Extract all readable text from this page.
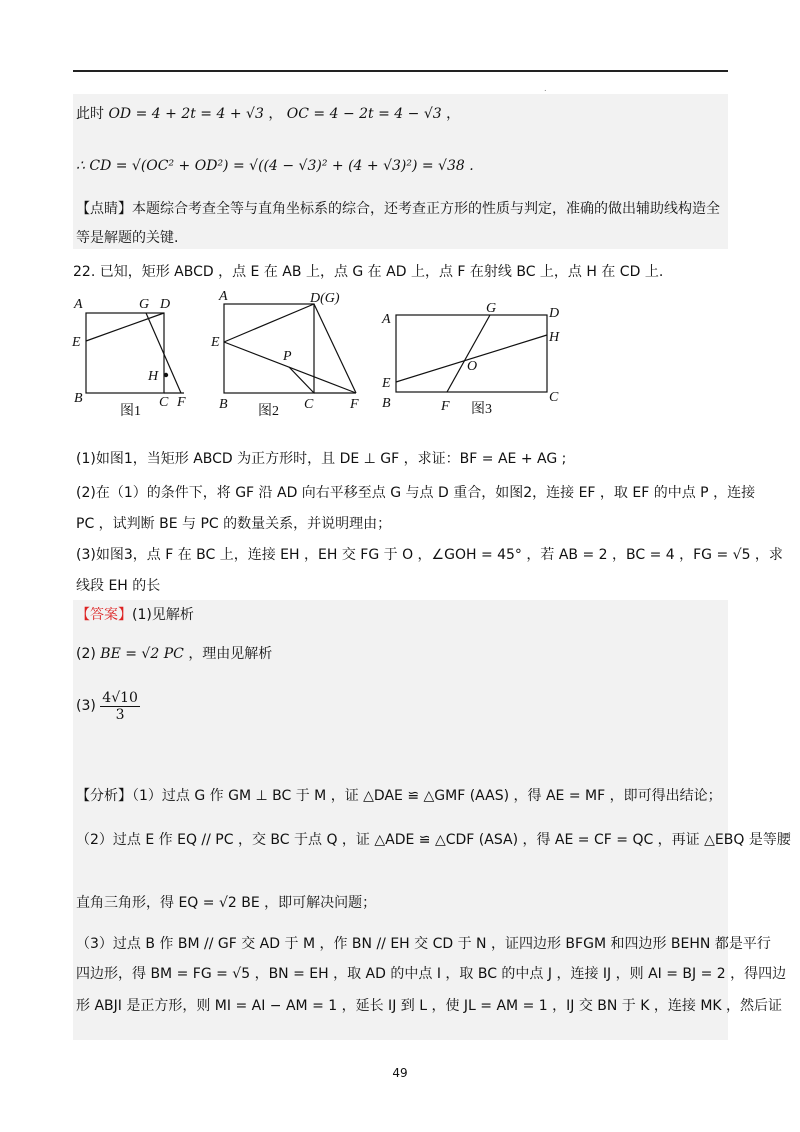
.
此时 OD = 4 + 2t = 4 + √3 ， OC = 4 − 2t = 4 − √3 ，
∴ CD = √(OC² + OD²) = √((4 − √3)² + (4 + √3)²) = √38 .
【点睛】本题综合考查全等与直角坐标系的综合，还考查正方形的性质与判定，准确的做出辅助线构造全
等是解题的关键.
22. 已知，矩形 ABCD ，点 E 在 AB 上，点 G 在 AD 上，点 F 在射线 BC 上，点 H 在 CD 上.
A	G D
E
H
B	C F
A	D(G)
E
P
B	C	F
A
G	D
H
O
E
B	F
C
图1	图2	图3
(1)如图1，当矩形 ABCD 为正方形时，且 DE ⊥ GF ，求证：BF = AE + AG ;
(2)在（1）的条件下，将 GF 沿 AD 向右平移至点 G 与点 D 重合，如图2，连接 EF ，取 EF 的中点 P ，连接
PC ，试判断 BE 与 PC 的数量关系，并说明理由；
(3)如图3，点 F 在 BC 上，连接 EH ，EH 交 FG 于 O ，∠GOH = 45° ，若 AB = 2 ，BC = 4 ，FG = √5 ，求
线段 EH 的长
【答案】(1)见解析
(2) BE = √2 PC ，理由见解析
$(3) \frac{4√10}{3}$
【分析】（1）过点 G 作 GM ⊥ BC 于 M ，证 △DAE ≌ △GMF (AAS) ，得 AE = MF ，即可得出结论；
（2）过点 E 作 EQ // PC ，交 BC 于点 Q ，证 △ADE ≌ △CDF (ASA) ，得 AE = CF = QC ，再证 △EBQ 是等腰
直角三角形，得 EQ = √2 BE ，即可解决问题；
（3）过点 B 作 BM // GF 交 AD 于 M ，作 BN // EH 交 CD 于 N ，证四边形 BFGM 和四边形 BEHN 都是平行
四边形，得 BM = FG = √5 ，BN = EH ，取 AD 的中点 I ，取 BC 的中点 J ，连接 IJ ，则 AI = BJ = 2 ，得四边
形 ABJI 是正方形，则 MI = AI − AM = 1 ，延长 IJ 到 L ，使 JL = AM = 1 ，IJ 交 BN 于 K ，连接 MK ，然后证
49
